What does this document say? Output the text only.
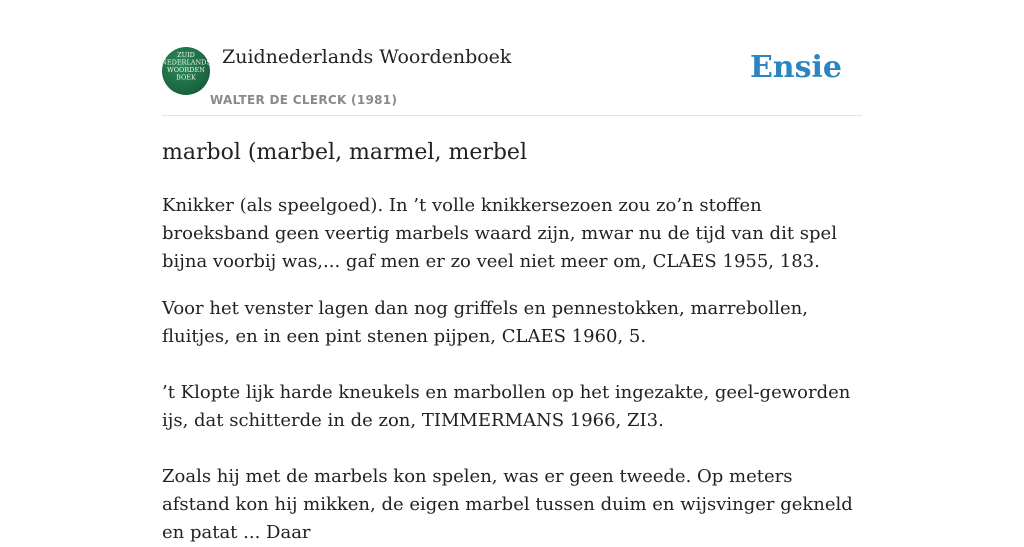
ZUID
NEDERLANDS
WOORDEN
BOEK
Zuidnederlands Woordenboek
WALTER DE CLERCK (1981)
Ensie
marbol (marbel, marmel, merbel

Knikker (als speelgoed). In ’t volle knikkersezoen zou zo’n stoffen broeksband geen veertig marbels waard zijn, mwar nu de tijd van dit spel bijna voorbij was,... gaf men er zo veel niet meer om, CLAES 1955, 183.

Voor het venster lagen dan nog griffels en pennestokken, marrebollen, fluitjes, en in een pint stenen pijpen, CLAES 1960, 5.

’t Klopte lijk harde kneukels en marbollen op het ingezakte, geel-geworden ijs, dat schitterde in de zon, TIMMERMANS 1966, ZI3.

Zoals hij met de marbels kon spelen, was er geen tweede. Op meters afstand kon hij mikken, de eigen marbel tussen duim en wijsvinger gekneld en patat ... Daar
